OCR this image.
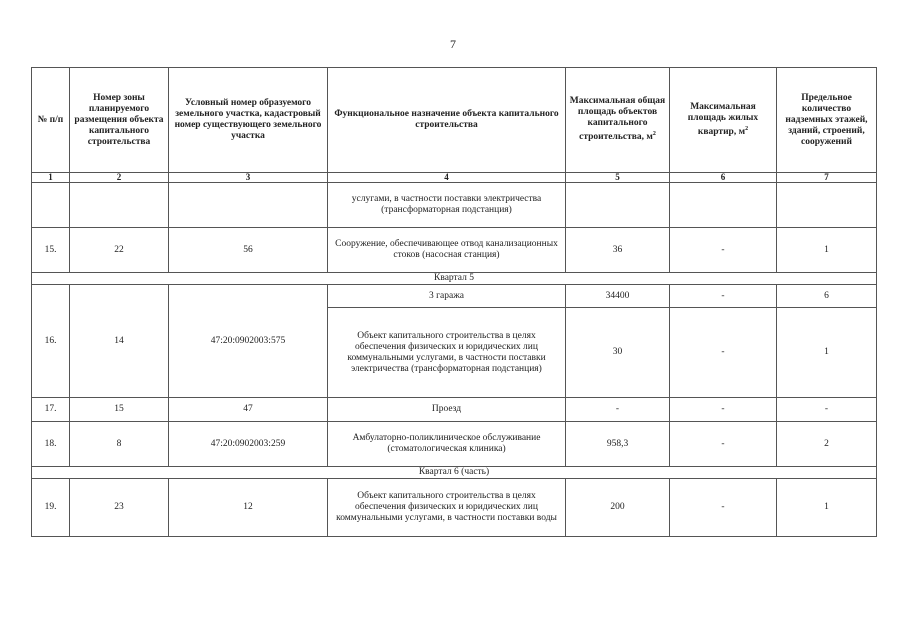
7
№ п/п	Номер зоны планируемого размещения объекта капитального строительства	Условный номер образуемого земельного участка, кадастровый номер существующего земельного участка	Функциональное назначение объекта капитального строительства	Максимальная общая площадь объектов капитального строительства, $м^2$	Максимальная площадь жилых квартир, $м^2$	Предельное количество надземных этажей, зданий, строений, сооружений
1	2	3	4	5	6	7
			услугами, в частности поставки электричества (трансформаторная подстанция)			
15.	22	56	Сооружение, обеспечивающее отвод канализационных стоков (насосная станция)	36	-	1
Квартал 5						
16.	14	47:20:0902003:575	3 гаража	34400	-	6
			Объект капитального строительства в целях обеспечения физических и юридических лиц коммунальными услугами, в частности поставки электричества (трансформаторная подстанция)	30	-	1
17.	15	47	Проезд	-	-	-
18.	8	47:20:0902003:259	Амбулаторно-поликлиническое обслуживание (стоматологическая клиника)	958,3	-	2
Квартал 6 (часть)						
19.	23	12	Объект капитального строительства в целях обеспечения физических и юридических лиц коммунальными услугами, в частности поставки воды	200	-	1
